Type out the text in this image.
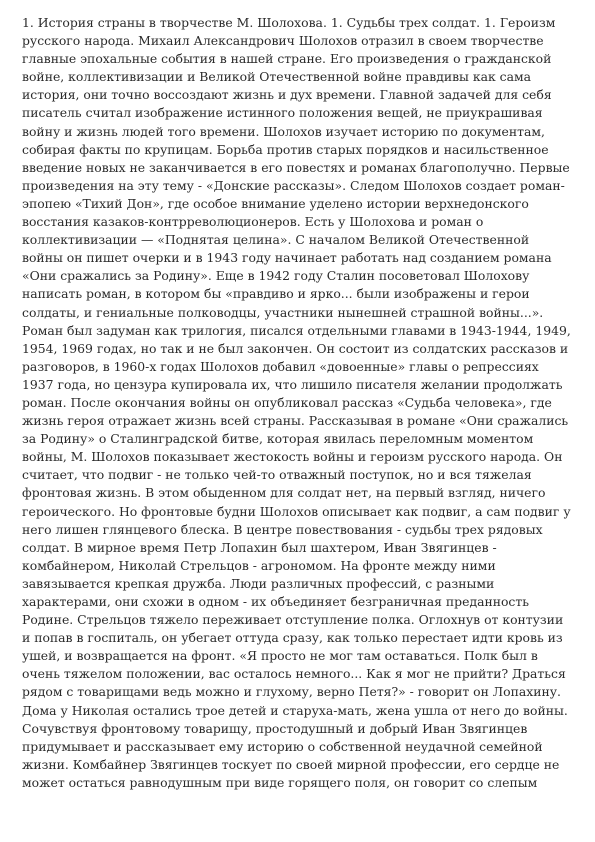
1. История страны в творчестве М. Шолохова. 1. Судьбы трех солдат. 1. Героизм
русского народа. Михаил Александрович Шолохов отразил в своем творчестве
главные эпохальные события в нашей стране. Его произведения о гражданской
войне, коллективизации и Великой Отечественной войне правдивы как сама
история, они точно воссоздают жизнь и дух времени. Главной задачей для себя
писатель считал изображение истинного положения вещей, не приукрашивая
войну и жизнь людей того времени. Шолохов изучает историю по документам,
собирая факты по крупицам. Борьба против старых порядков и насильственное
введение новых не заканчивается в его повестях и романах благополучно. Первые
произведения на эту тему - «Донские рассказы». Следом Шолохов создает роман-
эпопею «Тихий Дон», где особое внимание уделено истории верхнедонского
восстания казаков-контрреволюционеров. Есть у Шолохова и роман о
коллективизации — «Поднятая целина». С началом Великой Отечественной
войны он пишет очерки и в 1943 году начинает работать над созданием романа
«Они сражались за Родину». Еще в 1942 году Сталин посоветовал Шолохову
написать роман, в котором бы «правдиво и ярко... были изображены и герои
солдаты, и гениальные полководцы, участники нынешней страшной войны...».
Роман был задуман как трилогия, писался отдельными главами в 1943-1944, 1949,
1954, 1969 годах, но так и не был закончен. Он состоит из солдатских рассказов и
разговоров, в 1960-х годах Шолохов добавил «довоенные» главы о репрессиях
1937 года, но цензура купировала их, что лишило писателя желании продолжать
роман. После окончания войны он опубликовал рассказ «Судьба человека», где
жизнь героя отражает жизнь всей страны. Рассказывая в романе «Они сражались
за Родину» о Сталинградской битве, которая явилась переломным моментом
войны, М. Шолохов показывает жестокость войны и героизм русского народа. Он
считает, что подвиг - не только чей-то отважный поступок, но и вся тяжелая
фронтовая жизнь. В этом обыденном для солдат нет, на первый взгляд, ничего
героического. Но фронтовые будни Шолохов описывает как подвиг, а сам подвиг у
него лишен глянцевого блеска. В центре повествования - судьбы трех рядовых
солдат. В мирное время Петр Лопахин был шахтером, Иван Звягинцев -
комбайнером, Николай Стрельцов - агрономом. На фронте между ними
завязывается крепкая дружба. Люди различных профессий, с разными
характерами, они схожи в одном - их объединяет безграничная преданность
Родине. Стрельцов тяжело переживает отступление полка. Оглохнув от контузии
и попав в госпиталь, он убегает оттуда сразу, как только перестает идти кровь из
ушей, и возвращается на фронт. «Я просто не мог там оставаться. Полк был в
очень тяжелом положении, вас осталось немного... Как я мог не прийти? Драться
рядом с товарищами ведь можно и глухому, верно Петя?» - говорит он Лопахину.
Дома у Николая остались трое детей и старуха-мать, жена ушла от него до войны.
Сочувствуя фронтовому товарищу, простодушный и добрый Иван Звягинцев
придумывает и рассказывает ему историю о собственной неудачной семейной
жизни. Комбайнер Звягинцев тоскует по своей мирной профессии, его сердце не
может остаться равнодушным при виде горящего поля, он говорит со слепым
